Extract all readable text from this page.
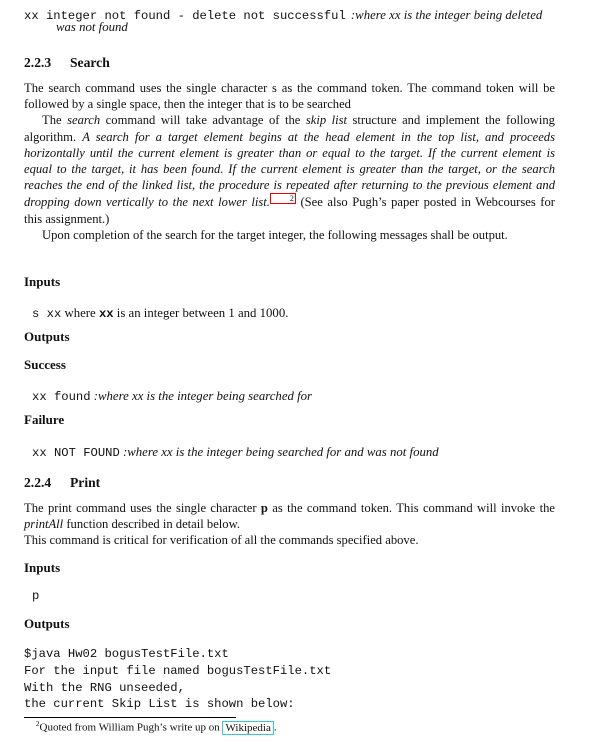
xx integer not found - delete not successful :where xx is the integer being deleted
was not found
2.2.3 Search

The search command uses the single character s as the command token. The command token will be followed by a single space, then the integer that is to be searched

The search command will take advantage of the skip list structure and implement the following algorithm. A search for a target element begins at the head element in the top list, and proceeds horizontally until the current element is greater than or equal to the target. If the current element is equal to the target, it has been found. If the current element is greater than the target, or the search reaches the end of the linked list, the procedure is repeated after returning to the previous element and dropping down vertically to the next lower list.	2 (See also Pugh’s paper posted in Webcourses for this assignment.)

Upon completion of the search for the target integer, the following messages shall be output.

Inputs
s xx where xx is an integer between 1 and 1000.
Outputs
Success
xx found :where xx is the integer being searched for
Failure
xx NOT FOUND :where xx is the integer being searched for and was not found
2.2.4 Print

The print command uses the single character p as the command token. This command will invoke the printAll function described in detail below.

This command is critical for verification of all the commands specified above.

Inputs
p
Outputs
$java Hw02 bogusTestFile.txt
For the input file named bogusTestFile.txt
With the RNG unseeded,
the current Skip List is shown below:
$^2$Quoted from William Pugh’s write up on Wikipedia .
